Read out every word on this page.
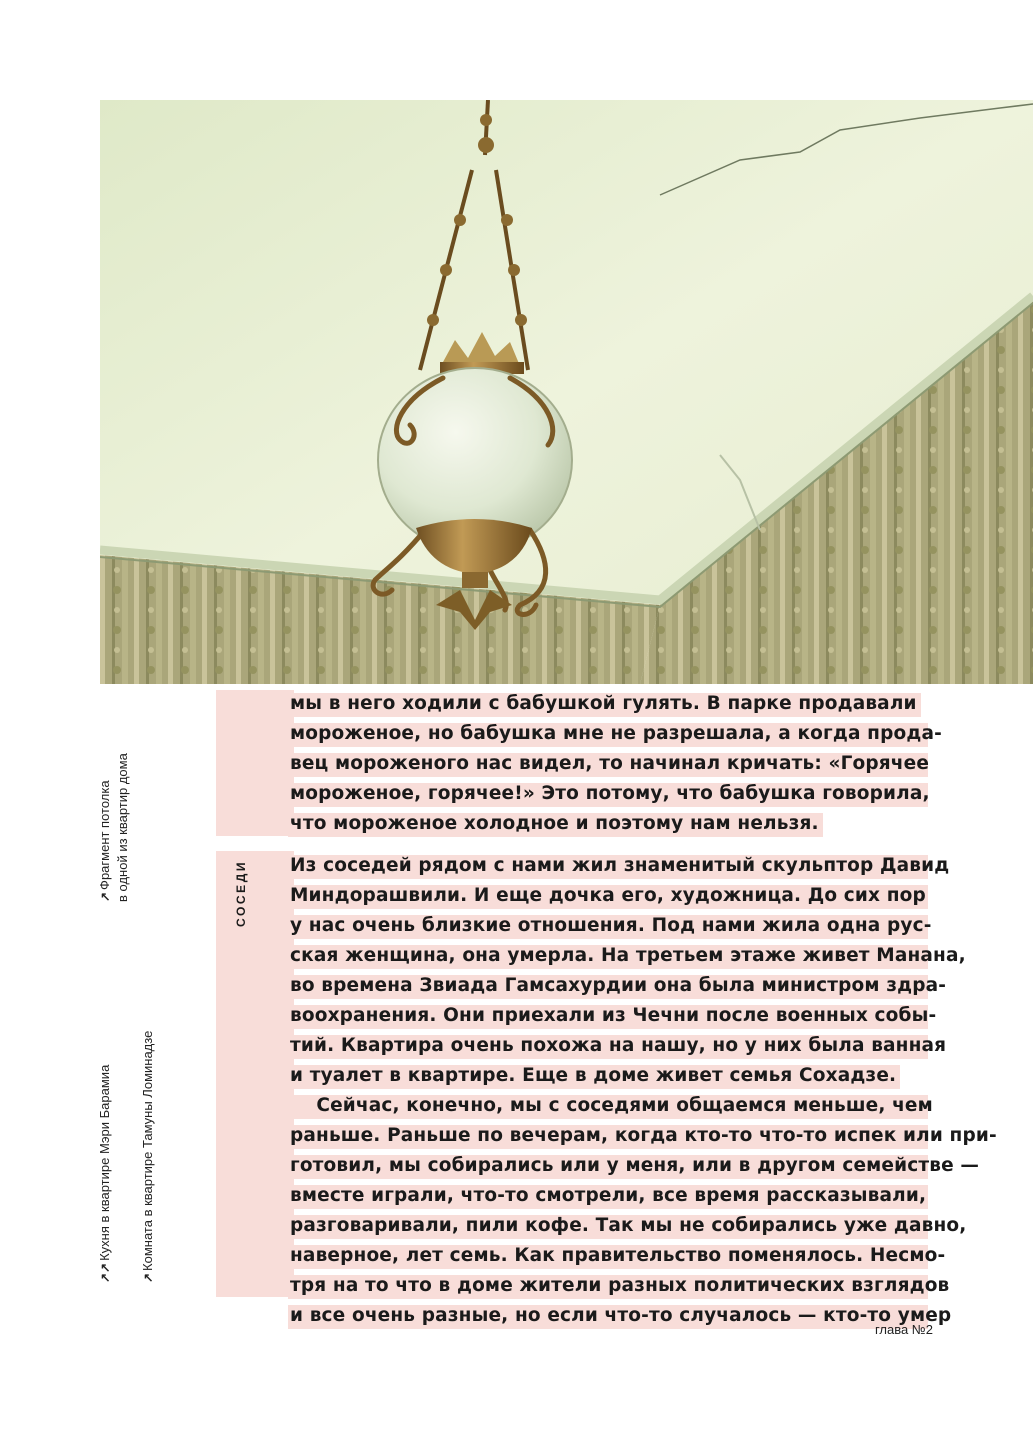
↗Фрагмент потолка в одной из квартир дома
↗↗Кухня в квартире Мэри Барамиа
↗Комната в квартире Тамуны Ломинадзе
мы в него ходили с бабушкой гулять. В парке продавали
мороженое, но бабушка мне не разрешала, а когда прода-
вец мороженого нас видел, то начинал кричать: «Горячее
мороженое, горячее!» Это потому, что бабушка говорила,
что мороженое холодное и поэтому нам нельзя.
СОСЕДИ Из соседей рядом с нами жил знаменитый скульптор Давид
Миндорашвили. И еще дочка его, художница. До сих пор
у нас очень близкие отношения. Под нами жила одна рус-
ская женщина, она умерла. На третьем этаже живет Манана,
во времена Звиада Гамсахурдии она была министром здра-
воохранения. Они приехали из Чечни после военных собы-
тий. Квартира очень похожа на нашу, но у них была ванная
и туалет в квартире. Еще в доме живет семья Сохадзе.
Сейчас, конечно, мы с соседями общаемся меньше, чем
раньше. Раньше по вечерам, когда кто-то что-то испек или при-
готовил, мы собирались или у меня, или в другом семействе —
вместе играли, что-то смотрели, все время рассказывали,
разговаривали, пили кофе. Так мы не собирались уже давно,
наверное, лет семь. Как правительство поменялось. Несмо-
тря на то что в доме жители разных политических взглядов
и все очень разные, но если что-то случалось — кто-то умер
глава №2
